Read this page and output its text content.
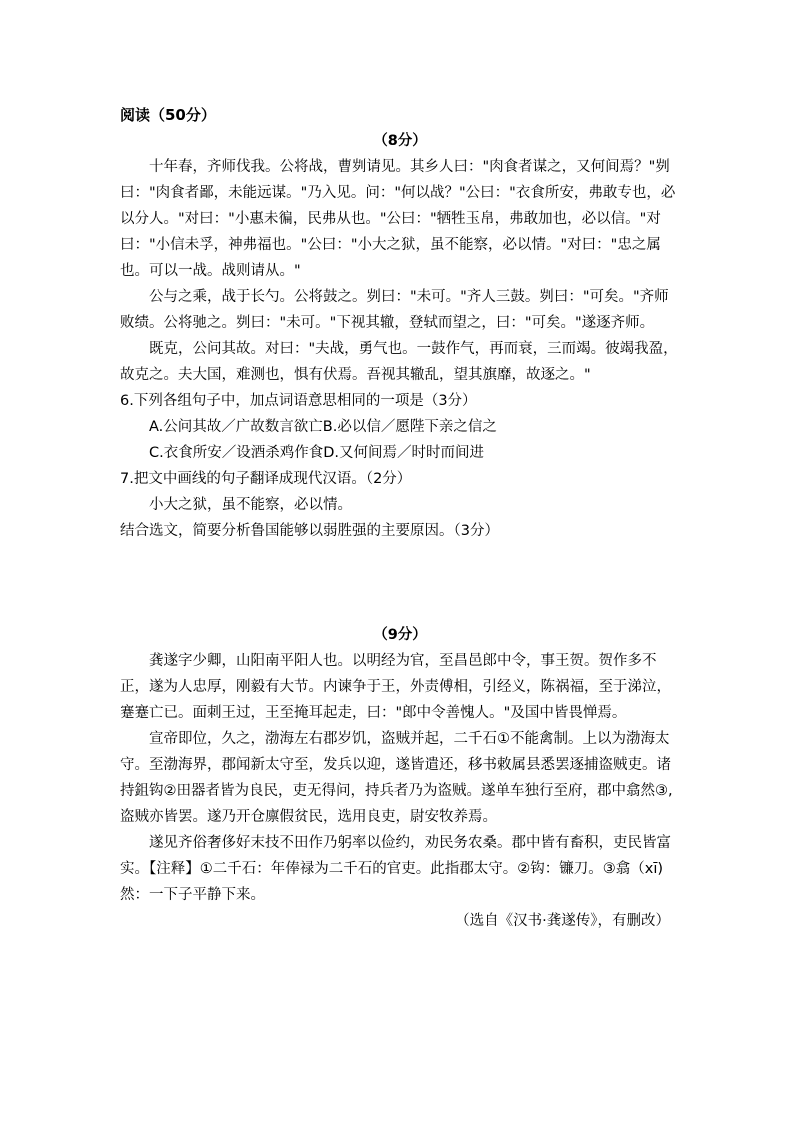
阅读（50分）

（8分）

十年春，齐师伐我。公将战，曹刿请见。其乡人曰："肉食者谋之，又何间焉？"刿曰："肉食者鄙，未能远谋。"乃入见。问："何以战？"公曰："衣食所安，弗敢专也，必以分人。"对曰："小惠未徧，民弗从也。"公曰："牺牲玉帛，弗敢加也，必以信。"对曰："小信未孚，神弗福也。"公曰："小大之狱，虽不能察，必以情。"对曰："忠之属也。可以一战。战则请从。"

公与之乘，战于长勺。公将鼓之。刿曰："未可。"齐人三鼓。刿曰："可矣。"齐师败绩。公将驰之。刿曰："未可。"下视其辙，登轼而望之，曰："可矣。"遂逐齐师。

既克，公问其故。对曰："夫战，勇气也。一鼓作气，再而衰，三而竭。彼竭我盈，故克之。夫大国，难测也，惧有伏焉。吾视其辙乱，望其旗靡，故逐之。"

6.下列各组句子中，加点词语意思相同的一项是（3分）

A.公问其故／广故数言欲亡B.必以信／愿陛下亲之信之

C.衣食所安／设酒杀鸡作食D.又何间焉／时时而间进

7.把文中画线的句子翻译成现代汉语。（2分）

小大之狱，虽不能察，必以情。

结合选文，简要分析鲁国能够以弱胜强的主要原因。（3分）

（9分）

龚遂字少卿，山阳南平阳人也。以明经为官，至昌邑郎中令，事王贺。贺作多不正，遂为人忠厚，刚毅有大节。内谏争于王，外责傅相，引经义，陈祸福，至于涕泣，蹇蹇亡已。面刺王过，王至掩耳起走，曰："郎中令善愧人。"及国中皆畏惮焉。

宣帝即位，久之，渤海左右郡岁饥，盗贼并起，二千石①不能禽制。上以为渤海太守。至渤海界，郡闻新太守至，发兵以迎，遂皆遣还，移书敕属县悉罢逐捕盗贼吏。诸持鉏钩②田器者皆为良民，吏无得问，持兵者乃为盗贼。遂单车独行至府，郡中翕然③,盗贼亦皆罢。遂乃开仓廪假贫民，选用良吏，尉安牧养焉。

遂见齐俗奢侈好末技不田作乃躬率以俭约，劝民务农桑。郡中皆有畜积，吏民皆富实。【注释】①二千石：年俸禄为二千石的官吏。此指郡太守。②钩：镰刀。③翕（xī)然：一下子平静下来。

（选自《汉书·龚遂传》，有删改）
